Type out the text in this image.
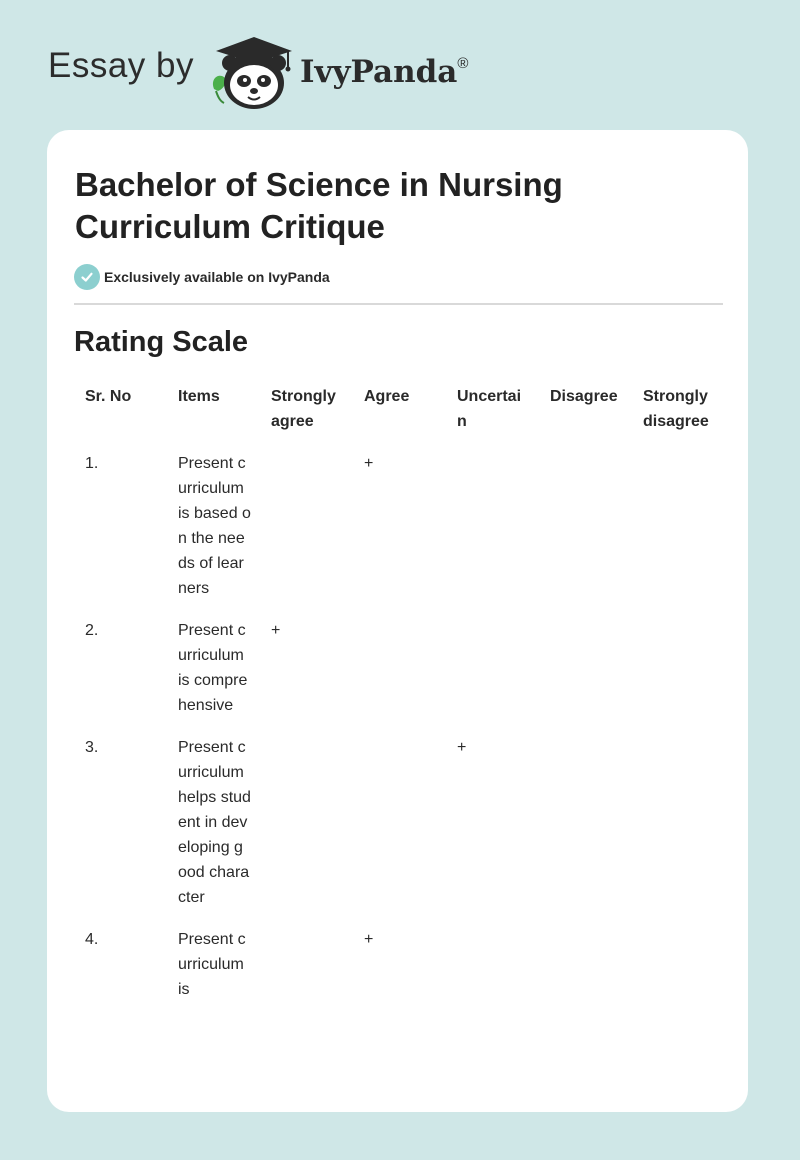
Essay by	IvyPanda®
Bachelor of Science in Nursing Curriculum Critique
Exclusively available on IvyPanda
Rating Scale
Sr. No	Items	Strongly agree	Agree	Uncertain	Disagree	Strongly disagree
1.	Present curriculum is based on the needs of learners		+			
2.	Present curriculum is comprehensive	+				
3.	Present curriculum helps student in developing good character			+		
4.	Present curriculum is		+			
